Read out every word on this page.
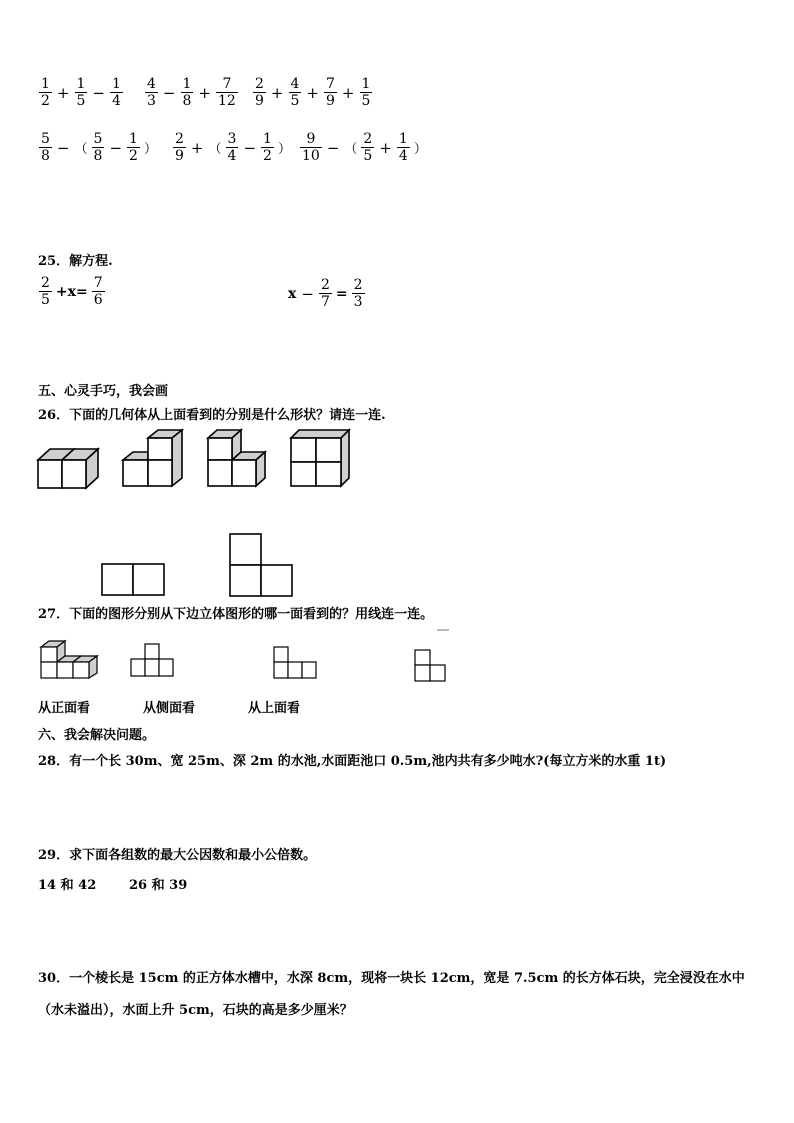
$\frac{1}{2} + \frac{1}{5} - \frac{1}{4} \frac{4}{3} - \frac{1}{8} + \frac{7}{12} \frac{2}{9} + \frac{4}{5} + \frac{7}{9} + \frac{1}{5}$
$\frac{5}{8}$ − （ $\frac{5}{8} - \frac{1}{2}$ ） $\frac{2}{9}$ + （ $\frac{3}{4} - \frac{1}{2}$ ） $\frac{9}{10}$ − （ $\frac{2}{5} + \frac{1}{4}$ ）
25．解方程.
$\frac{2}{5} +x= \frac{7}{6}$	$x - \frac{2}{7} = \frac{2}{3}$
五、心灵手巧，我会画
26．下面的几何体从上面看到的分别是什么形状？请连一连.
27．下面的图形分别从下边立体图形的哪一面看到的？用线连一连。
从正面看	从侧面看	从上面看
六、我会解决问题。
28．有一个长 30m、宽 25m、深 2m 的水池,水面距池口 0.5m,池内共有多少吨水?(每立方米的水重 1t)
29．求下面各组数的最大公因数和最小公倍数。
14 和 42	26 和 39
30．一个棱长是 15cm 的正方体水槽中，水深 8cm，现将一块长 12cm，宽是 7.5cm 的长方体石块，完全浸没在水中
（水未溢出），水面上升 5cm，石块的高是多少厘米？
